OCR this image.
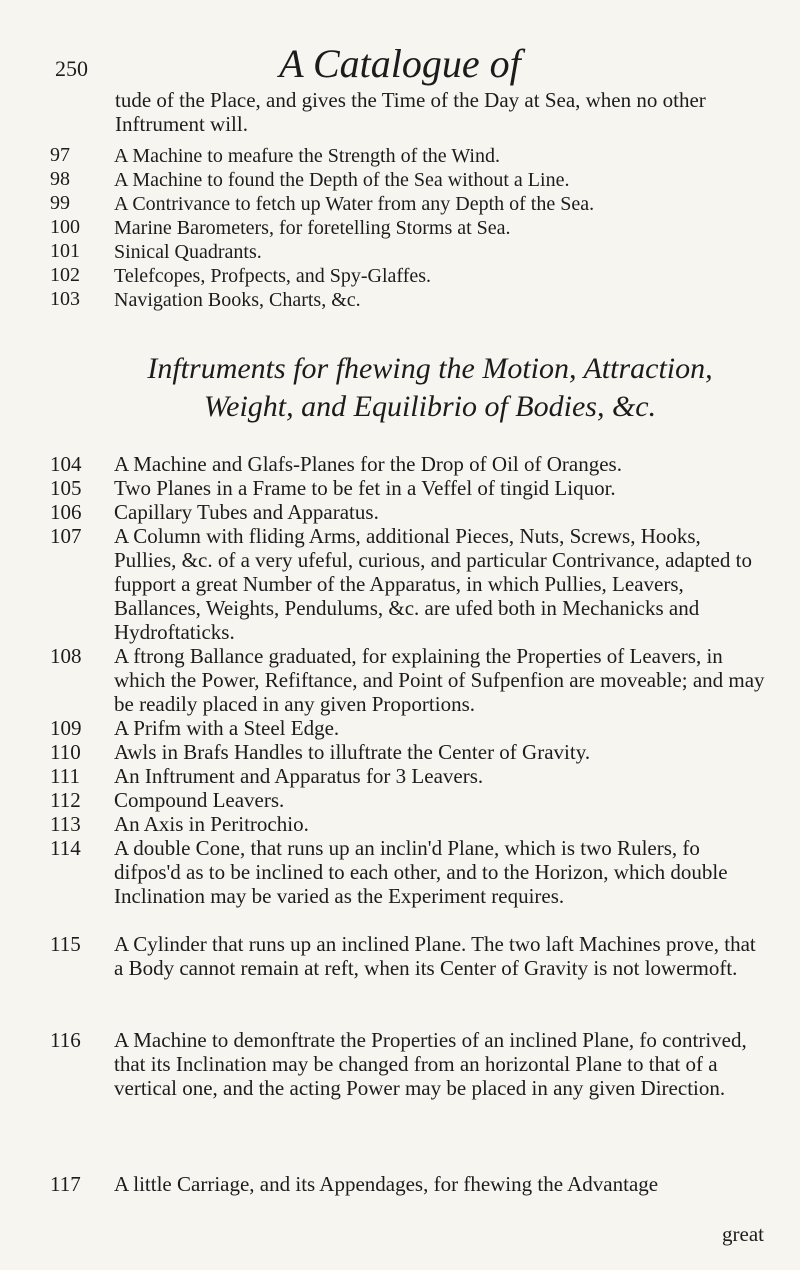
250	A Catalogue of
tude of the Place, and gives the Time of the Day at Sea, when no other Inftrument will.
97	A Machine to meafure the Strength of the Wind.
98	A Machine to found the Depth of the Sea without a Line.
99	A Contrivance to fetch up Water from any Depth of the Sea.
100	Marine Barometers, for foretelling Storms at Sea.
101	Sinical Quadrants.
102	Telefcopes, Profpects, and Spy-Glaffes.
103	Navigation Books, Charts, &c.
Inftruments for fhewing the Motion, Attraction,
Weight, and Equilibrio of Bodies, &c.
104	A Machine and Glafs-Planes for the Drop of Oil of Oranges.
105	Two Planes in a Frame to be fet in a Veffel of tingid Liquor.
106	Capillary Tubes and Apparatus.
107	A Column with fliding Arms, additional Pieces, Nuts, Screws, Hooks, Pullies, &c. of a very ufeful, curious, and particular Contrivance, adapted to fupport a great Number of the Apparatus, in which Pullies, Leavers, Ballances, Weights, Pendulums, &c. are ufed both in Mechanicks and Hydroftaticks.
108	A ftrong Ballance graduated, for explaining the Properties of Leavers, in which the Power, Refiftance, and Point of Sufpenfion are moveable; and may be readily placed in any given Proportions.
109	A Prifm with a Steel Edge.
110	Awls in Brafs Handles to illuftrate the Center of Gravity.
111	An Inftrument and Apparatus for 3 Leavers.
112	Compound Leavers.
113	An Axis in Peritrochio.
114	A double Cone, that runs up an inclin'd Plane, which is two Rulers, fo difpos'd as to be inclined to each other, and to the Horizon, which double Inclination may be varied as the Experiment requires.
115	A Cylinder that runs up an inclined Plane. The two laft Machines prove, that a Body cannot remain at reft, when its Center of Gravity is not lowermoft.
116	A Machine to demonftrate the Properties of an inclined Plane, fo contrived, that its Inclination may be changed from an horizontal Plane to that of a vertical one, and the acting Power may be placed in any given Direction.
117	A little Carriage, and its Appendages, for fhewing the Advantage
great
